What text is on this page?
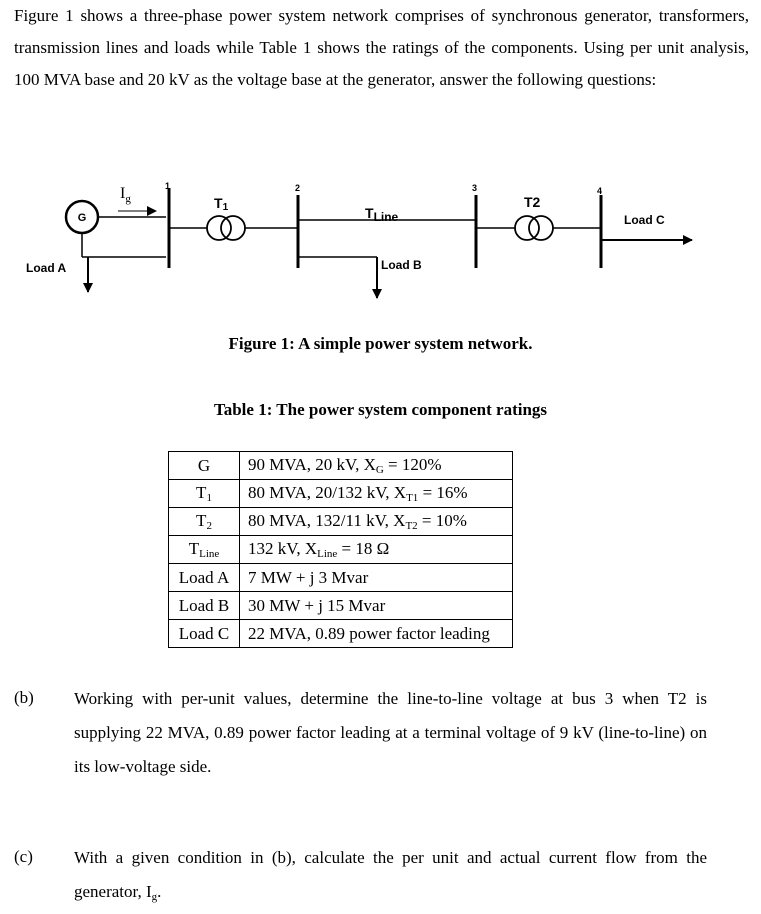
Figure 1 shows a three-phase power system network comprises of synchronous generator, transformers, transmission lines and loads while Table 1 shows the ratings of the components. Using per unit analysis, 100 MVA base and 20 kV as the voltage base at the generator, answer the following questions:
G
$I_g$
Load A
1
T1
2
TLine
Load B
3
T2
4
Load C
Figure 1: A simple power system network.
Table 1: The power system component ratings
G	90 MVA, 20 kV, $X_G = 120\%$
$T_1$	80 MVA, 20/132 kV, $X_{T1} = 16\%$
$T_2$	80 MVA, 132/11 kV, $X_{T2} = 10\%$
$T_{Line}$	132 kV, $X_{Line} = 18$ Ω
Load A	7 MW + j 3 Mvar
Load B	30 MW + j 15 Mvar
Load C	22 MVA, 0.89 power factor leading
(b) Working with per-unit values, determine the line-to-line voltage at bus 3 when T2 is supplying 22 MVA, 0.89 power factor leading at a terminal voltage of 9 kV (line-to-line) on its low-voltage side.
(c) With a given condition in (b), calculate the per unit and actual current flow from the generator, $I_g$.
